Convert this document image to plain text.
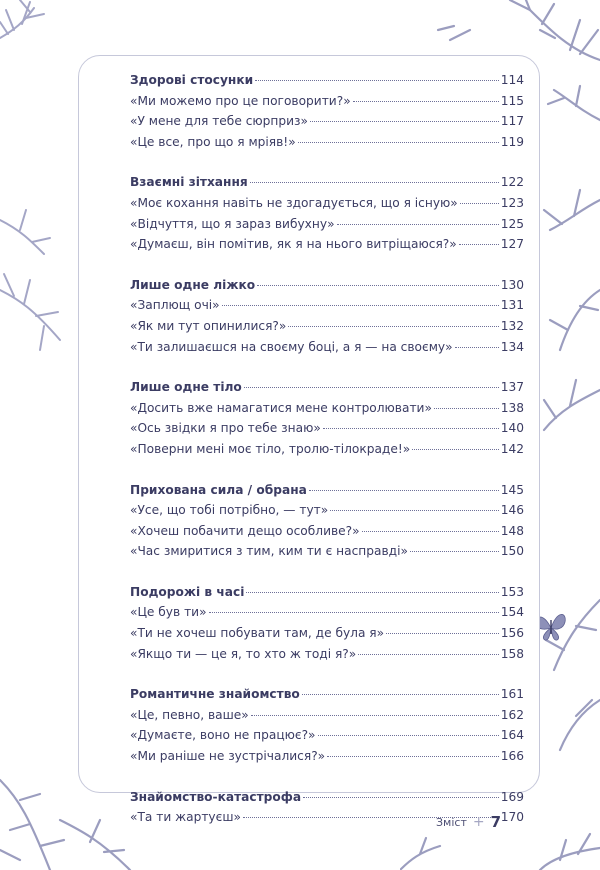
Здорові стосунки	114
«Ми можемо про це поговорити?»	115
«У мене для тебе сюрприз»	117
«Це все, про що я мріяв!»	119
Взаємні зітхання	122
«Моє кохання навіть не здогадується, що я існую»	123
«Відчуття, що я зараз вибухну»	125
«Думаєш, він помітив, як я на нього витріщаюся?»	127
Лише одне ліжко	130
«Заплющ очі»	131
«Як ми тут опинилися?»	132
«Ти залишаєшся на своєму боці, а я — на своєму»	134
Лише одне тіло	137
«Досить вже намагатися мене контролювати»	138
«Ось звідки я про тебе знаю»	140
«Поверни мені моє тіло, тролю-тілокраде!»	142
Прихована сила / обрана	145
«Усе, що тобі потрібно, — тут»	146
«Хочеш побачити дещо особливе?»	148
«Час змиритися з тим, ким ти є насправді»	150
Подорожі в часі	153
«Це був ти»	154
«Ти не хочеш побувати там, де була я»	156
«Якщо ти — це я, то хто ж тоді я?»	158
Романтичне знайомство	161
«Це, певно, ваше»	162
«Думаєте, воно не працює?»	164
«Ми раніше не зустрічалися?»	166
Знайомство-катастрофа	169
«Та ти жартуєш»	170
Зміст + 7
